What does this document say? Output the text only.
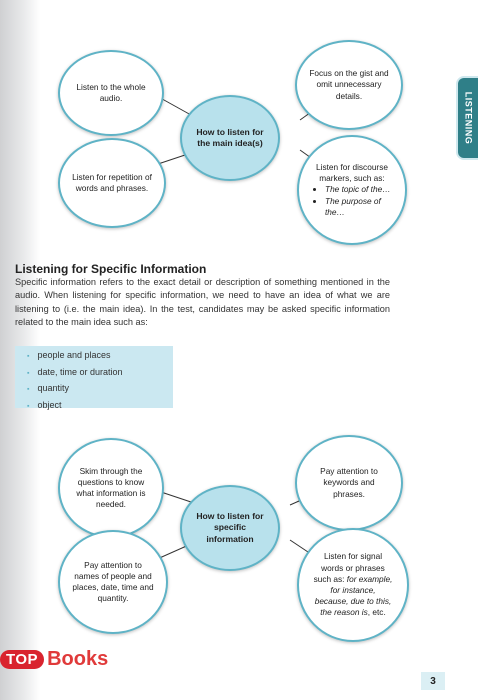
Listen to the whole audio.
Listen for repetition of words and phrases.
How to listen for the main idea(s)
Focus on the gist and omit unnecessary details.
Listen for discourse markers, such as:
• The topic of the…
• The purpose of the…
LISTENING
Listening for Specific Information

Specific information refers to the exact detail or description of something mentioned in the audio. When listening for specific information, we need to have an idea of what we are listening to (i.e. the main idea). In the test, candidates may be asked specific information related to the main idea such as:

▪ people and places
▪ date, time or duration
▪ quantity
▪ object
Skim through the questions to know what information is needed.
Pay attention to names of people and places, date, time and quantity.
How to listen for specific information
Pay attention to keywords and phrases.
Listen for signal words or phrases such as: for example, for instance, because, due to this, the reason is, etc.
TOP Books
3
